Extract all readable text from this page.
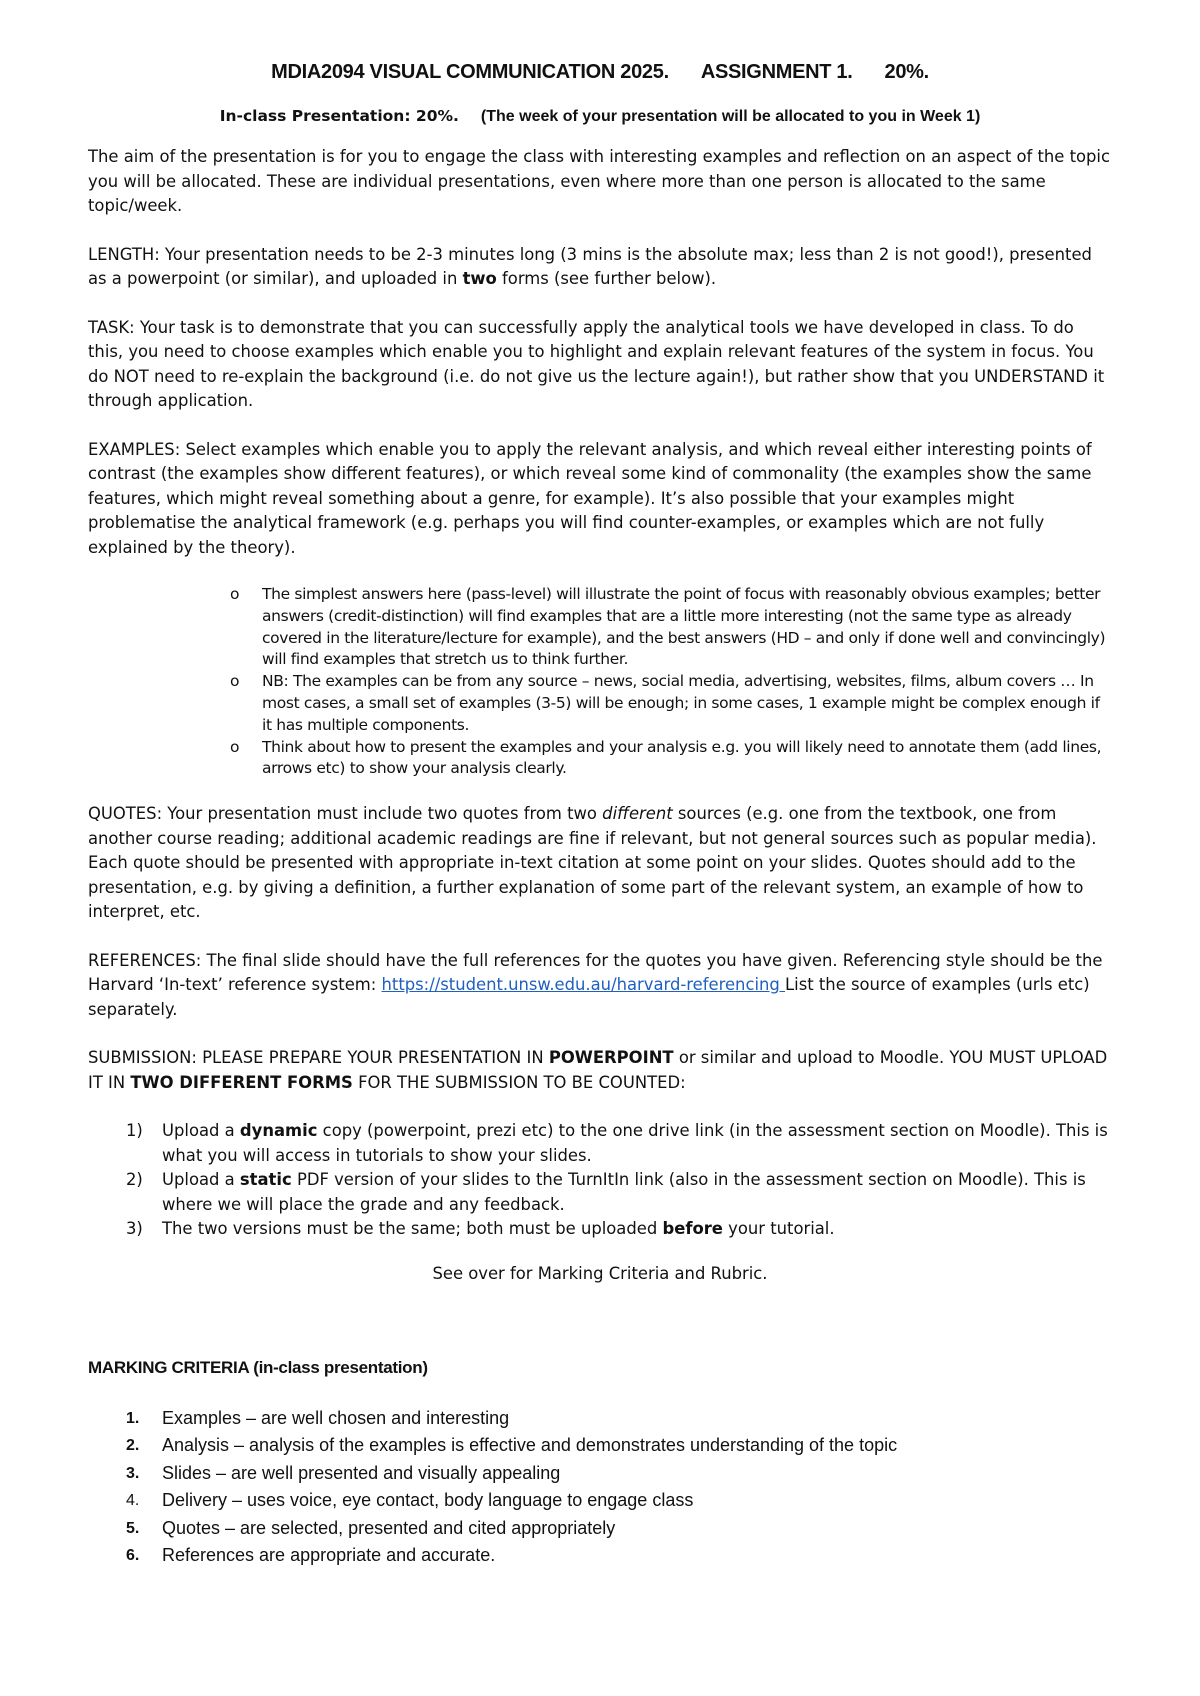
MDIA2094 VISUAL COMMUNICATION 2025. ASSIGNMENT 1. 20%.
In-class Presentation: 20%. (The week of your presentation will be allocated to you in Week 1)

The aim of the presentation is for you to engage the class with interesting examples and reflection on an aspect of the topic you will be allocated. These are individual presentations, even where more than one person is allocated to the same topic/week.

LENGTH: Your presentation needs to be 2-3 minutes long (3 mins is the absolute max; less than 2 is not good!), presented as a powerpoint (or similar), and uploaded in two forms (see further below).

TASK: Your task is to demonstrate that you can successfully apply the analytical tools we have developed in class. To do this, you need to choose examples which enable you to highlight and explain relevant features of the system in focus. You do NOT need to re-explain the background (i.e. do not give us the lecture again!), but rather show that you UNDERSTAND it through application.

EXAMPLES: Select examples which enable you to apply the relevant analysis, and which reveal either interesting points of contrast (the examples show different features), or which reveal some kind of commonality (the examples show the same features, which might reveal something about a genre, for example). It’s also possible that your examples might problematise the analytical framework (e.g. perhaps you will find counter-examples, or examples which are not fully explained by the theory).

o The simplest answers here (pass-level) will illustrate the point of focus with reasonably obvious examples; better answers (credit-distinction) will find examples that are a little more interesting (not the same type as already covered in the literature/lecture for example), and the best answers (HD – and only if done well and convincingly) will find examples that stretch us to think further.
o NB: The examples can be from any source – news, social media, advertising, websites, films, album covers … In most cases, a small set of examples (3-5) will be enough; in some cases, 1 example might be complex enough if it has multiple components.
o Think about how to present the examples and your analysis e.g. you will likely need to annotate them (add lines, arrows etc) to show your analysis clearly.

QUOTES: Your presentation must include two quotes from two different sources (e.g. one from the textbook, one from another course reading; additional academic readings are fine if relevant, but not general sources such as popular media). Each quote should be presented with appropriate in-text citation at some point on your slides. Quotes should add to the presentation, e.g. by giving a definition, a further explanation of some part of the relevant system, an example of how to interpret, etc.

REFERENCES: The final slide should have the full references for the quotes you have given. Referencing style should be the Harvard ‘In-text’ reference system: https://student.unsw.edu.au/harvard-referencing List the source of examples (urls etc) separately.

SUBMISSION: PLEASE PREPARE YOUR PRESENTATION IN POWERPOINT or similar and upload to Moodle. YOU MUST UPLOAD IT IN TWO DIFFERENT FORMS FOR THE SUBMISSION TO BE COUNTED:

1) Upload a dynamic copy (powerpoint, prezi etc) to the one drive link (in the assessment section on Moodle). This is what you will access in tutorials to show your slides.
2) Upload a static PDF version of your slides to the TurnItIn link (also in the assessment section on Moodle). This is where we will place the grade and any feedback.
3) The two versions must be the same; both must be uploaded before your tutorial.

See over for Marking Criteria and Rubric.

MARKING CRITERIA (in-class presentation)
1. Examples – are well chosen and interesting
2. Analysis – analysis of the examples is effective and demonstrates understanding of the topic
3. Slides – are well presented and visually appealing
4. Delivery – uses voice, eye contact, body language to engage class
5. Quotes – are selected, presented and cited appropriately
6. References are appropriate and accurate.
